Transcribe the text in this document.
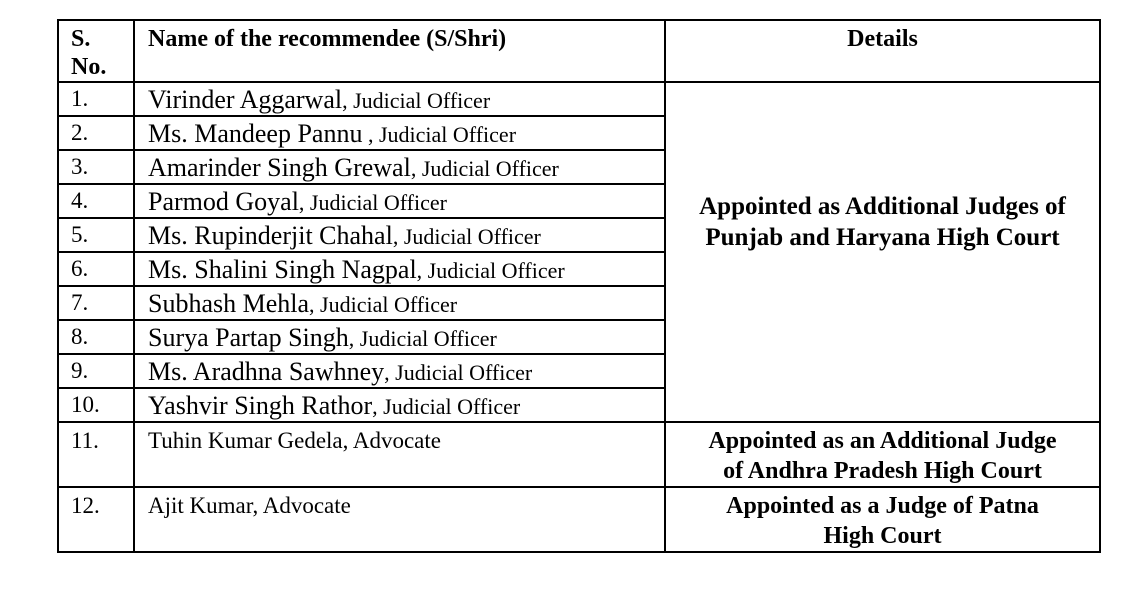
S.
No.	Name of the recommendee (S/Shri)	Details
1.	Virinder Aggarwal, Judicial Officer	Appointed as Additional Judges of
Punjab and Haryana High Court

2.	Ms. Mandeep Pannu , Judicial Officer	
3.	Amarinder Singh Grewal, Judicial Officer	
4.	Parmod Goyal, Judicial Officer	
5.	Ms. Rupinderjit Chahal, Judicial Officer	
6.	Ms. Shalini Singh Nagpal, Judicial Officer	
7.	Subhash Mehla, Judicial Officer	
8.	Surya Partap Singh, Judicial Officer	
9.	Ms. Aradhna Sawhney, Judicial Officer	
10.	Yashvir Singh Rathor, Judicial Officer	
11.	Tuhin Kumar Gedela, Advocate	Appointed as an Additional Judge
of Andhra Pradesh High Court

12.	Ajit Kumar, Advocate	Appointed as a Judge of Patna
High Court
